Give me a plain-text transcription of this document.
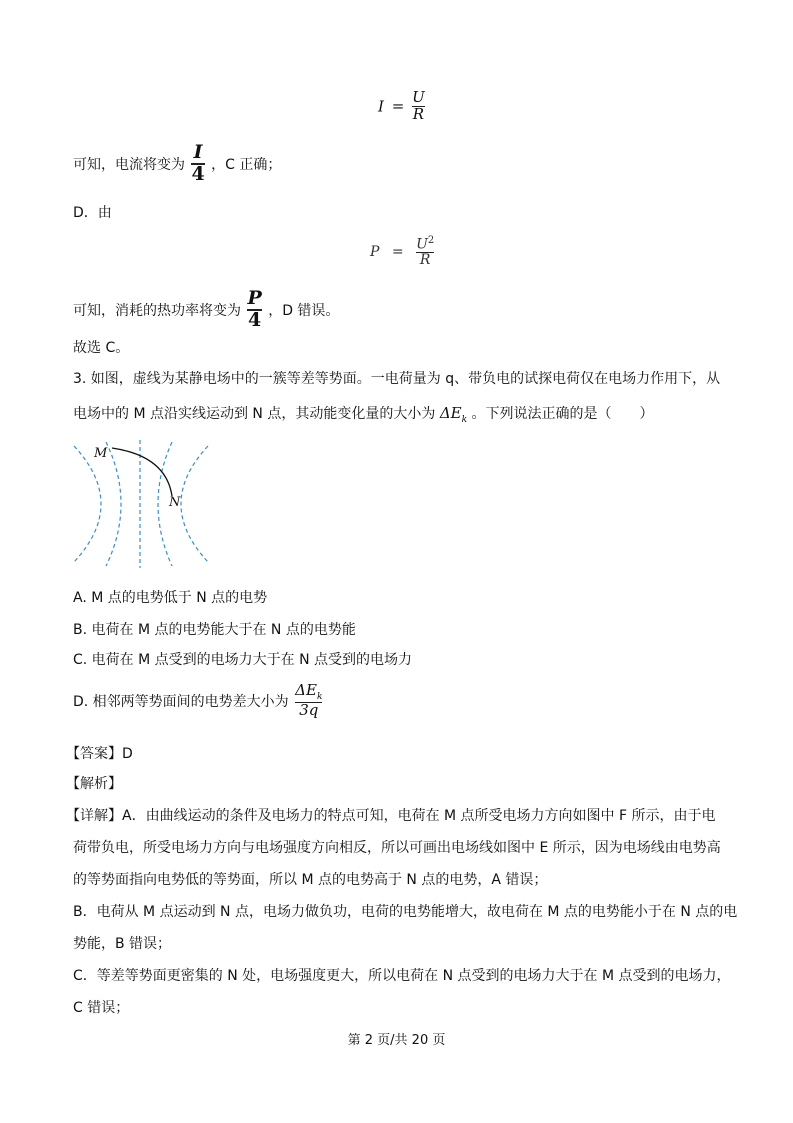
$I = \frac{U}{R}$
可知，电流将变为 $\frac{I}{4}$ ，C 正确；
D．由
$P = \frac{U^2}{R}$
可知，消耗的热功率将变为 $\frac{P}{4}$ ，D 错误。
故选 C。
3. 如图，虚线为某静电场中的一簇等差等势面。一电荷量为 q、带负电的试探电荷仅在电场力作用下，从
电场中的 M 点沿实线运动到 N 点，其动能变化量的大小为 $\Delta E_k$ 。下列说法正确的是（　　）
M
N
A. M 点的电势低于 N 点的电势
B. 电荷在 M 点的电势能大于在 N 点的电势能
C. 电荷在 M 点受到的电场力大于在 N 点受到的电场力
D. 相邻两等势面间的电势差大小为 $\frac{\Delta E_k}{3q}$
【答案】D
【解析】
【详解】A．由曲线运动的条件及电场力的特点可知，电荷在 M 点所受电场力方向如图中 F 所示，由于电
荷带负电，所受电场力方向与电场强度方向相反，所以可画出电场线如图中 E 所示，因为电场线由电势高
的等势面指向电势低的等势面，所以 M 点的电势高于 N 点的电势，A 错误；
B．电荷从 M 点运动到 N 点，电场力做负功，电荷的电势能增大，故电荷在 M 点的电势能小于在 N 点的电
势能，B 错误；
C．等差等势面更密集的 N 处，电场强度更大，所以电荷在 N 点受到的电场力大于在 M 点受到的电场力，
C 错误；
第 2 页/共 20 页
